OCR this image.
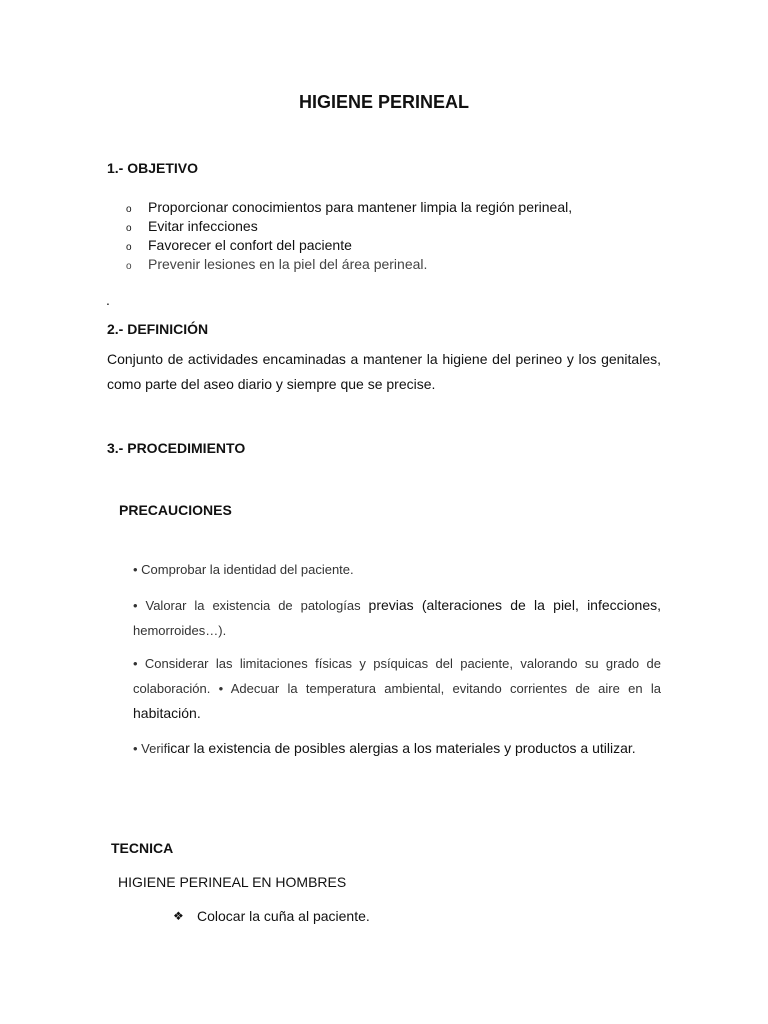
HIGIENE PERINEAL
1.- OBJETIVO
o	Proporcionar conocimientos para mantener limpia la región perineal,
o	Evitar infecciones
o	Favorecer el confort del paciente
o	Prevenir lesiones en la piel del área perineal.
.
2.- DEFINICIÓN

Conjunto de actividades encaminadas a mantener la higiene del perineo y los genitales, como parte del aseo diario y siempre que se precise.

3.- PROCEDIMIENTO
PRECAUCIONES

• Comprobar la identidad del paciente.

• Valorar la existencia de patologías previas (alteraciones de la piel, infecciones, hemorroides…).

• Considerar las limitaciones físicas y psíquicas del paciente, valorando su grado de colaboración. • Adecuar la temperatura ambiental, evitando corrientes de aire en la habitación.

• Verificar la existencia de posibles alergias a los materiales y productos a utilizar.

TECNICA
HIGIENE PERINEAL EN HOMBRES
❖ Colocar la cuña al paciente.
